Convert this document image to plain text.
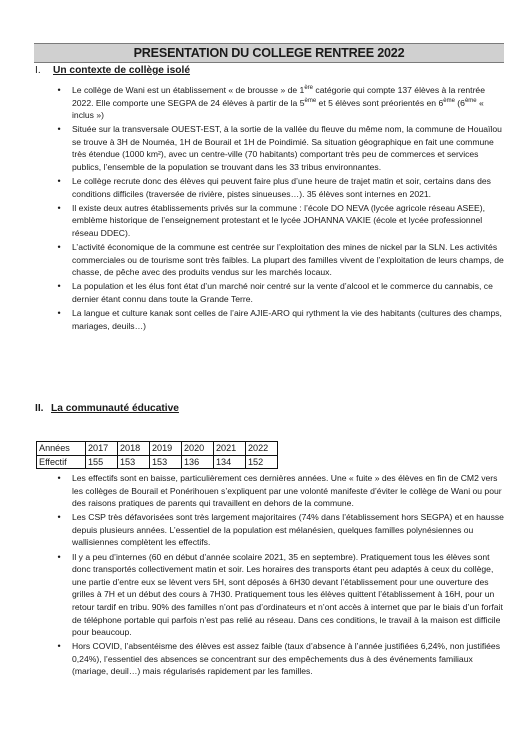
PRESENTATION DU COLLEGE RENTREE 2022
I. Un contexte de collège isolé
• Le collège de Wani est un établissement « de brousse » de 1ère catégorie qui compte 137 élèves à la rentrée 2022. Elle comporte une SEGPA de 24 élèves à partir de la 5ème et 5 élèves sont préorientés en 6ème (6ème « inclus »)
• Située sur la transversale OUEST-EST, à la sortie de la vallée du fleuve du même nom, la commune de Houaïlou se trouve à 3H de Nouméa, 1H de Bourail et 1H de Poindimié. Sa situation géographique en fait une commune très étendue (1000 km²), avec un centre-ville (70 habitants) comportant très peu de commerces et services publics, l’ensemble de la population se trouvant dans les 33 tribus environnantes.
• Le collège recrute donc des élèves qui peuvent faire plus d’une heure de trajet matin et soir, certains dans des conditions difficiles (traversée de rivière, pistes sinueuses…). 35 élèves sont internes en 2021.
• Il existe deux autres établissements privés sur la commune : l’école DO NEVA (lycée agricole réseau ASEE), emblème historique de l’enseignement protestant et le lycée JOHANNA VAKIE (école et lycée professionnel réseau DDEC).
• L’activité économique de la commune est centrée sur l’exploitation des mines de nickel par la SLN. Les activités commerciales ou de tourisme sont très faibles. La plupart des familles vivent de l’exploitation de leurs champs, de chasse, de pêche avec des produits vendus sur les marchés locaux.
• La population et les élus font état d’un marché noir centré sur la vente d’alcool et le commerce du cannabis, ce dernier étant connu dans toute la Grande Terre.
• La langue et culture kanak sont celles de l’aire AJIE-ARO qui rythment la vie des habitants (cultures des champs, mariages, deuils…)
II. La communauté éducative
Années	2017	2018	2019	2020	2021	2022
Effectif	155	153	153	136	134	152
• Les effectifs sont en baisse, particulièrement ces dernières années. Une « fuite » des élèves en fin de CM2 vers les collèges de Bourail et Ponérihouen s’expliquent par une volonté manifeste d’éviter le collège de Wani ou pour des raisons pratiques de parents qui travaillent en dehors de la commune.
• Les CSP très défavorisées sont très largement majoritaires (74% dans l’établissement hors SEGPA) et en hausse depuis plusieurs années. L’essentiel de la population est mélanésien, quelques familles polynésiennes ou wallisiennes complètent les effectifs.
• Il y a peu d’internes (60 en début d’année scolaire 2021, 35 en septembre). Pratiquement tous les élèves sont donc transportés collectivement matin et soir. Les horaires des transports étant peu adaptés à ceux du collège, une partie d’entre eux se lèvent vers 5H, sont déposés à 6H30 devant l’établissement pour une ouverture des grilles à 7H et un début des cours à 7H30. Pratiquement tous les élèves quittent l’établissement à 16H, pour un retour tardif en tribu. 90% des familles n’ont pas d’ordinateurs et n’ont accès à internet que par le biais d’un forfait de téléphone portable qui parfois n’est pas relié au réseau. Dans ces conditions, le travail à la maison est difficile pour beaucoup.
• Hors COVID, l’absentéisme des élèves est assez faible (taux d’absence à l’année justifiées 6,24%, non justifiées 0,24%), l’essentiel des absences se concentrant sur des empêchements dus à des événements familiaux (mariage, deuil…) mais régularisés rapidement par les familles.
